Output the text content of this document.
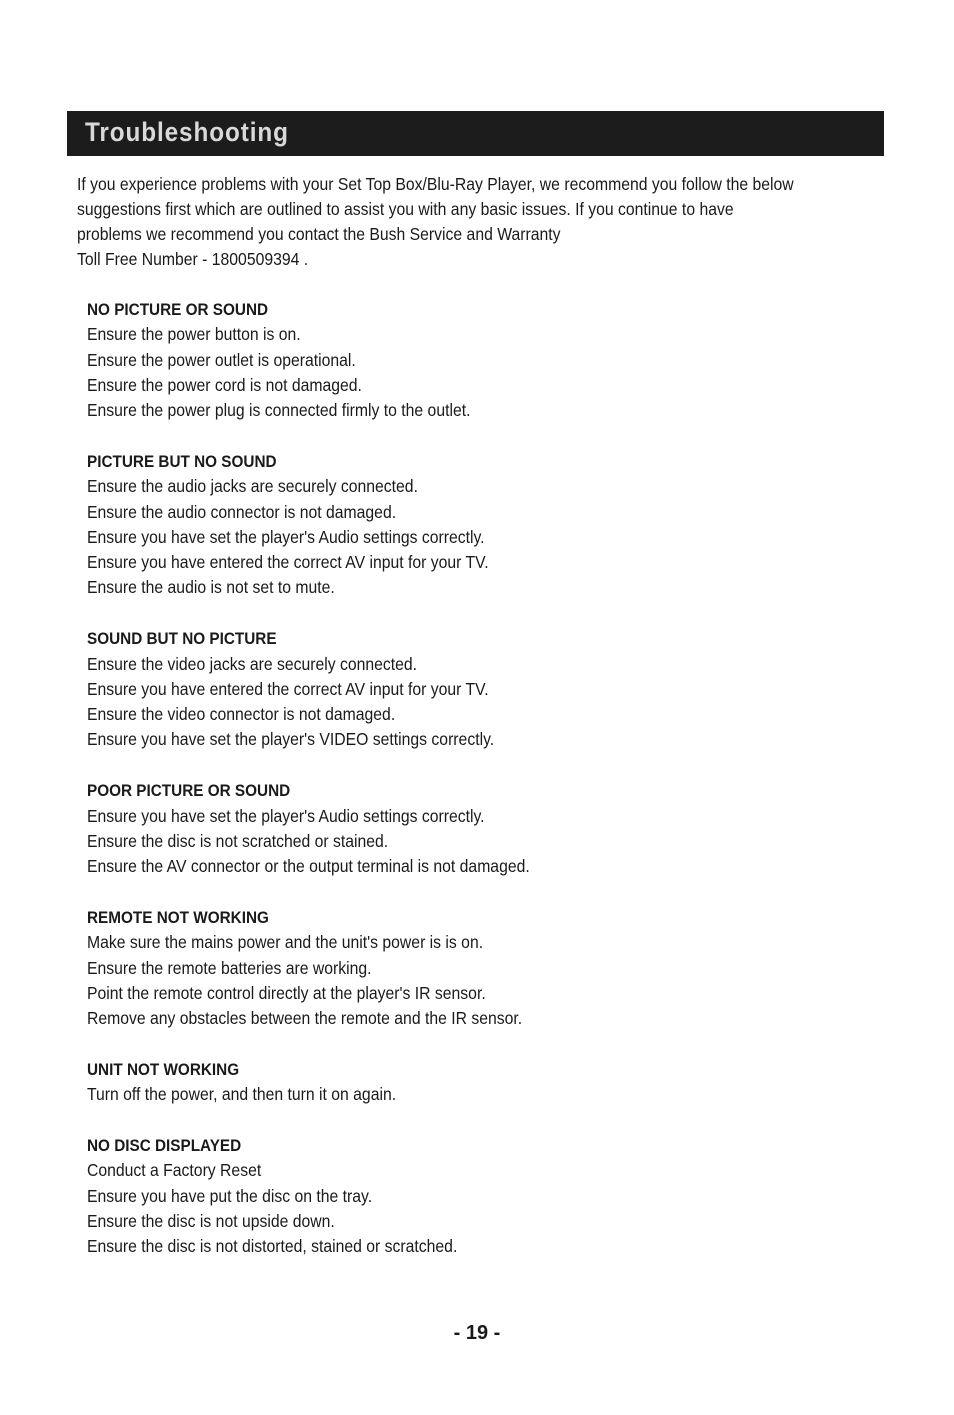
Troubleshooting
If you experience problems with your Set Top Box/Blu-Ray Player, we recommend you follow the below
suggestions first which are outlined to assist you with any basic issues. If you continue to have
problems we recommend you contact the Bush Service and Warranty
Toll Free Number - 1800509394 .
NO PICTURE OR SOUND
Ensure the power button is on.
Ensure the power outlet is operational.
Ensure the power cord is not damaged.
Ensure the power plug is connected firmly to the outlet.
PICTURE BUT NO SOUND
Ensure the audio jacks are securely connected.
Ensure the audio connector is not damaged.
Ensure you have set the player's Audio settings correctly.
Ensure you have entered the correct AV input for your TV.
Ensure the audio is not set to mute.
SOUND BUT NO PICTURE
Ensure the video jacks are securely connected.
Ensure you have entered the correct AV input for your TV.
Ensure the video connector is not damaged.
Ensure you have set the player's VIDEO settings correctly.
POOR PICTURE OR SOUND
Ensure you have set the player's Audio settings correctly.
Ensure the disc is not scratched or stained.
Ensure the AV connector or the output terminal is not damaged.
REMOTE NOT WORKING
Make sure the mains power and the unit's power is is on.
Ensure the remote batteries are working.
Point the remote control directly at the player's IR sensor.
Remove any obstacles between the remote and the IR sensor.
UNIT NOT WORKING
Turn off the power, and then turn it on again.
NO DISC DISPLAYED
Conduct a Factory Reset
Ensure you have put the disc on the tray.
Ensure the disc is not upside down.
Ensure the disc is not distorted, stained or scratched.
- 19 -
